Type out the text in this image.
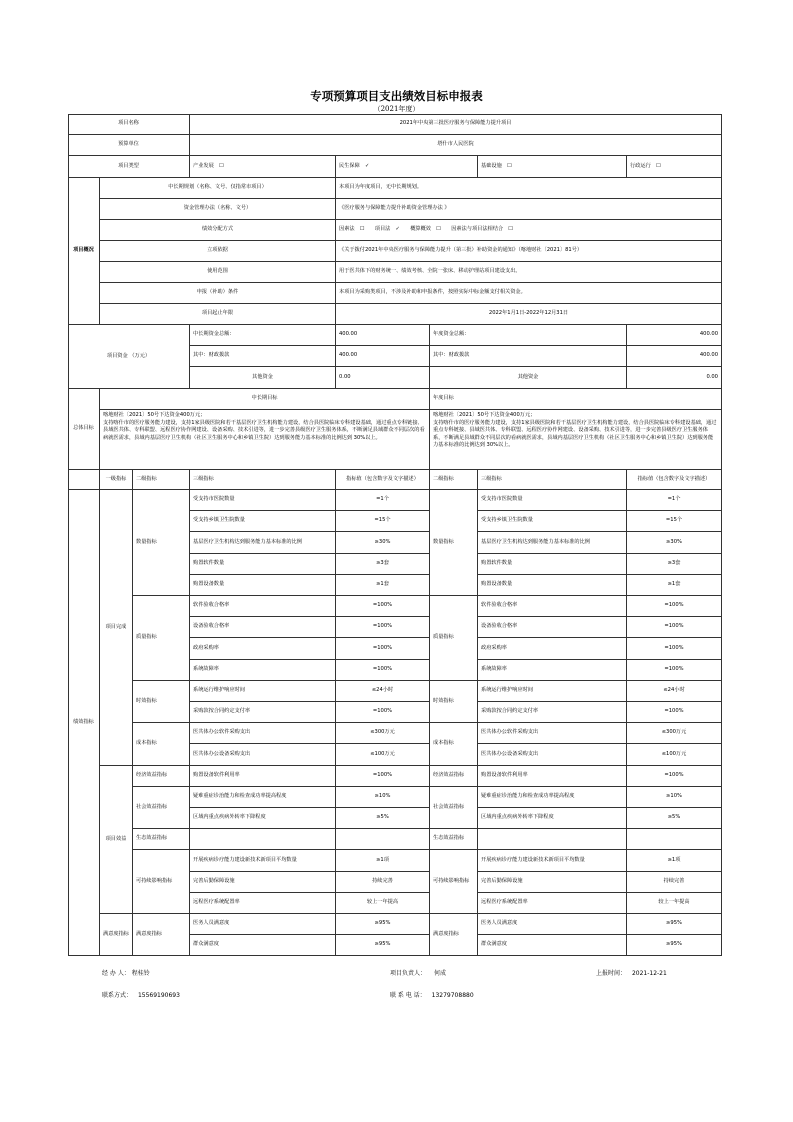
专项预算项目支出绩效目标申报表
（2021年度）
项目名称	2021年中央第三批医疗服务与保障能力提升项目
预算单位	塔什市人民医院
项目类型	产业发展　☐	民生保障　✓	基础设施　☐	行政运行　☐
项目概况
中长期规划（名称、文号、仅指常市项目）	本项目为年度项目，无中长期规划。
资金管理办法（名称、文号）	《医疗服务与保障能力提升补助资金管理办法 》
绩效分配方式	因素法　☐　　项目法　✓　　概算概效　☐　　因素法与项目法相结合　☐
立项依据	《关于拨付2021年中央医疗服务与保障能力提升（第三批）补助资金的通知》（喀地财社〔2021〕81号）
使用范围	用于医共体下的财务统一、绩效考核、全院一张床、移动护理站项目建设支出。
申报（补助）条件	本项目为采购类项目，不涉及补助和申报条件，按照实际中标金额支付相关资金。
项目起止年限	2022年1月1日-2022年12月31日
项目资金 （万元）
中长期资金总额：	400.00	年度资金总额：	400.00
其中：财政拨款	400.00	其中：财政拨款	400.00
其他资金	0.00	其他资金	0.00
总体目标
中长期目标	年度目标
喀地财社〔2021〕50号下达资金400万元；
支持喀什市的医疗服务能力建设，支持1家县级医院和若干基层医疗卫生机构能力建设，结合县医院临床专科建设基础，通过重点专科链接、县域医共体、专科联盟、远程医疗协作网建设、设备采购、技术引进等，进一步完善县级医疗卫生服务体系，不断满足县域群众不同层次的看病就医需求，县域内基层医疗卫生机构（社区卫生服务中心和乡镇卫生院）达到服务能力基本标准的比例达到 30%以上。
喀地财社〔2021〕50号下达资金400万元；
支持喀什市的医疗服务能力建设，支持1家县级医院和若干基层医疗卫生机构能力建设，结合县医院临床专科建设基础，通过重点专科链接、县域医共体、专科联盟、远程医疗协作网建设、设备采购、技术引进等，进一步完善县级医疗卫生服务体系，不断满足县域群众不同层次的看病就医需求，县域内基层医疗卫生机构（社区卫生服务中心和乡镇卫生院）达到服务能力基本标准的比例达到 30%以上。
一级指标 二级指标	三级指标	指标值（包含数字及文字描述）	二级指标	三级指标	指标值（包含数字及文字描述）
绩效指标
项目完成
项目效益
满意度指标
数量指标	数量指标
质量指标	质量指标
时效指标	时效指标
成本指标	成本指标
经济效益指标	经济效益指标
社会效益指标	社会效益指标
生态效益指标	生态效益指标
可持续影响指标	可持续影响指标
满意度指标	满意度指标
受支持市医院数量	=1个	受支持市医院数量	=1个
受支持乡镇卫生院数量	=15个	受支持乡镇卫生院数量	=15个
基层医疗卫生机构达到服务能力基本标准的比例	≥30%	基层医疗卫生机构达到服务能力基本标准的比例	≥30%
购置软件数量	≥3套	购置软件数量	≥3套
购置设备数量	≥1套	购置设备数量	≥1套
软件验收合格率	=100%	软件验收合格率	=100%
设备验收合格率	=100%	设备验收合格率	=100%
政府采购率	=100%	政府采购率	=100%
系统故障率	=100%	系统故障率	=100%
系统运行维护响应时间	≤24小时	系统运行维护响应时间	≤24小时
采购款按合同约定支付率	=100%	采购款按合同约定支付率	=100%
医共体办公软件采购支出	≤300万元	医共体办公软件采购支出	≤300万元
医共体办公设备采购支出	≤100万元	医共体办公设备采购支出	≤100万元
购置设备软件利用率	=100%	购置设备软件利用率	=100%
疑难重症诊治能力和检查成功率提高程度	≥10%	疑难重症诊治能力和检查成功率提高程度	≥10%
区域内重点疾病外转率下降程度	≥5%	区域内重点疾病外转率下降程度	≥5%
开展疾病诊疗能力建设新技术新项目平均数量	≥1项	开展疾病诊疗能力建设新技术新项目平均数量	≥1项
完善后勤保障设施	持续完善	完善后勤保障设施	持续完善
远程医疗系统配置率	较上一年提高	远程医疗系统配置率	较上一年提高
医务人员满意度	≥95%	医务人员满意度	≥95%
群众满意度	≥95%	群众满意度	≥95%
经 办 人： 程桂铃	项目负责人： 何成	上报时间： 2021-12-21
联系方式： 15569190693	联 系 电 话： 13279708880
